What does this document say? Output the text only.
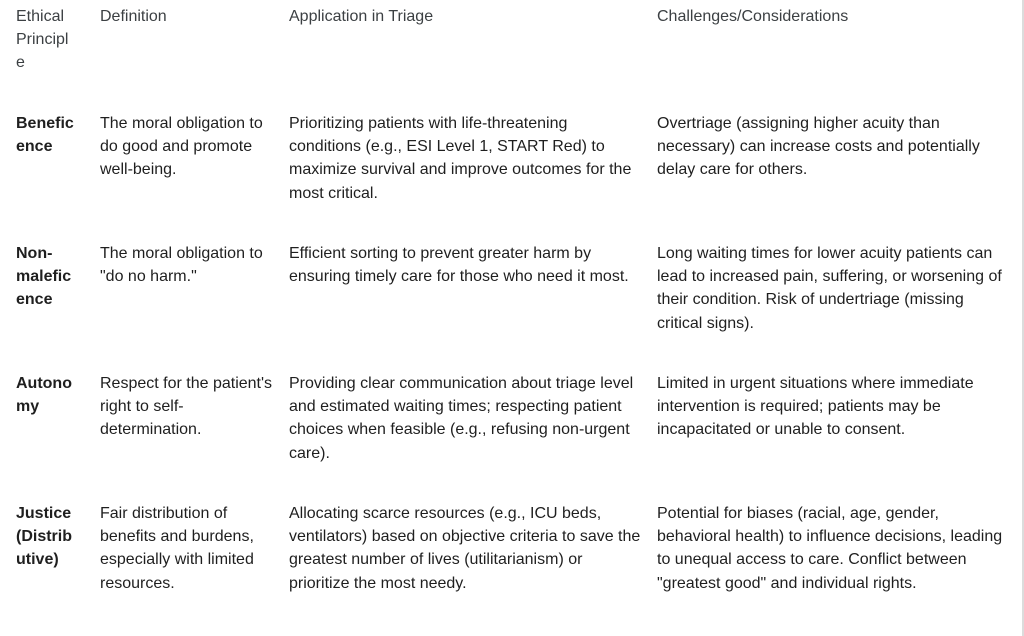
Ethical Principle	Definition	Application in Triage	Challenges/Considerations

Beneficence	The moral obligation to do good and promote well-being.	Prioritizing patients with life-threatening conditions (e.g., ESI Level 1, START Red) to maximize survival and improve outcomes for the most critical.	Overtriage (assigning higher acuity than necessary) can increase costs and potentially delay care for others.

Non-maleficence	The moral obligation to "do no harm."	Efficient sorting to prevent greater harm by ensuring timely care for those who need it most.	Long waiting times for lower acuity patients can lead to increased pain, suffering, or worsening of their condition. Risk of undertriage (missing critical signs).

Autonomy	Respect for the patient's right to self-determination.	Providing clear communication about triage level and estimated waiting times; respecting patient choices when feasible (e.g., refusing non-urgent care).	Limited in urgent situations where immediate intervention is required; patients may be incapacitated or unable to consent.

Justice (Distributive)	Fair distribution of benefits and burdens, especially with limited resources.	Allocating scarce resources (e.g., ICU beds, ventilators) based on objective criteria to save the greatest number of lives (utilitarianism) or prioritize the most needy.	Potential for biases (racial, age, gender, behavioral health) to influence decisions, leading to unequal access to care. Conflict between "greatest good" and individual rights.
